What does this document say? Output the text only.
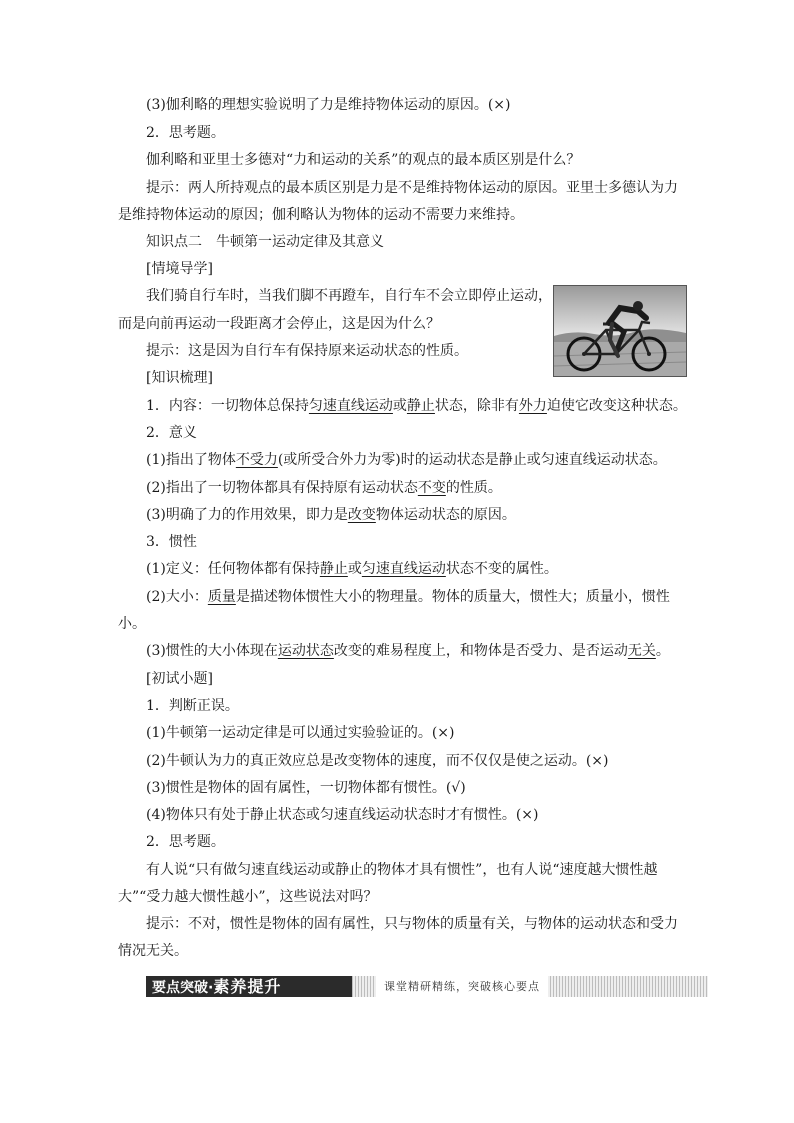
(3)伽利略的理想实验说明了力是维持物体运动的原因。(×)
2．思考题。
伽利略和亚里士多德对“力和运动的关系”的观点的最本质区别是什么？
提示：两人所持观点的最本质区别是力是不是维持物体运动的原因。亚里士多德认为力
是维持物体运动的原因；伽利略认为物体的运动不需要力来维持。
知识点二　牛顿第一运动定律及其意义
[情境导学]
我们骑自行车时，当我们脚不再蹬车，自行车不会立即停止运动，
而是向前再运动一段距离才会停止，这是因为什么？
提示：这是因为自行车有保持原来运动状态的性质。
[知识梳理]
1．内容：一切物体总保持匀速直线运动或静止状态，除非有外力迫使它改变这种状态。
2．意义
(1)指出了物体不受力(或所受合外力为零)时的运动状态是静止或匀速直线运动状态。
(2)指出了一切物体都具有保持原有运动状态不变的性质。
(3)明确了力的作用效果，即力是改变物体运动状态的原因。
3．惯性
(1)定义：任何物体都有保持静止或匀速直线运动状态不变的属性。
(2)大小：质量是描述物体惯性大小的物理量。物体的质量大，惯性大；质量小，惯性
小。
(3)惯性的大小体现在运动状态改变的难易程度上，和物体是否受力、是否运动无关。
[初试小题]
1．判断正误。
(1)牛顿第一运动定律是可以通过实验验证的。(×)
(2)牛顿认为力的真正效应总是改变物体的速度，而不仅仅是使之运动。(×)
(3)惯性是物体的固有属性，一切物体都有惯性。(√)
(4)物体只有处于静止状态或匀速直线运动状态时才有惯性。(×)
2．思考题。
有人说“只有做匀速直线运动或静止的物体才具有惯性”，也有人说“速度越大惯性越
大”“受力越大惯性越小”，这些说法对吗？
提示：不对，惯性是物体的固有属性，只与物体的质量有关，与物体的运动状态和受力
情况无关。
要点突破·素养提升	课堂精研精练，突破核心要点
